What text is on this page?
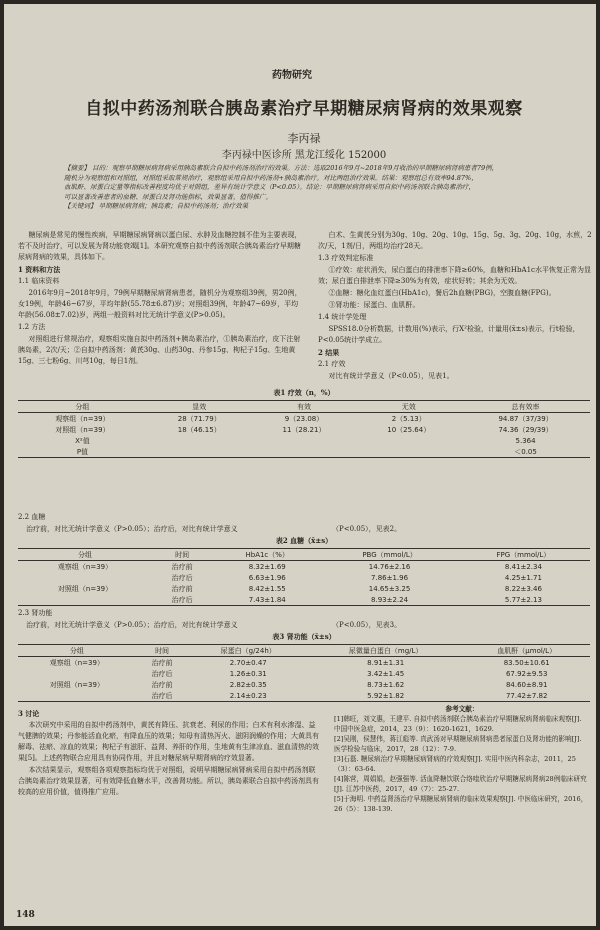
药物研究
自拟中药汤剂联合胰岛素治疗早期糖尿病肾病的效果观察
李丙禄
李丙禄中医诊所 黑龙江绥化 152000
【摘要】 目的：观察早期糖尿病肾病采用胰岛素联合自拟中药汤剂治疗的效果。方法：选取2016年9月~2018年9月收治的早期糖尿病肾病患者79例，
随机分为观察组和对照组，对照组采取常规治疗，观察组采用自拟中药汤剂+胰岛素治疗。对比两组治疗效果。结果：观察组总有效率94.87%，
血肌酐、尿蛋白定量等指标改善程度均优于对照组，差异有统计学意义（P<0.05）。结论：早期糖尿病肾病采用自拟中药汤剂联合胰岛素治疗，
可以显著改善患者的血糖、尿蛋白及肾功能指标，效果显著，值得推广。
【关键词】 早期糖尿病肾病；胰岛素；自拟中药汤剂；治疗效果

糖尿病是常见的慢性疾病，早期糖尿病肾病以蛋白尿、水肿及血糖控制不佳为主要表现，若不及时治疗，可以发展为肾功能衰竭[1]。本研究观察自拟中药汤剂联合胰岛素治疗早期糖尿病肾病的效果，具体如下。

1 资料和方法

1.1 临床资料

2016年9月~2018年9月，79例早期糖尿病肾病患者，随机分为观察组39例，男20例，女19例，年龄46~67岁，平均年龄(55.78±6.87)岁；对照组39例，年龄47~69岁，平均年龄(56.08±7.02)岁，两组一般资料对比无统计学意义(P>0.05)。

1.2 方法

对照组进行常规治疗，观察组实施自拟中药汤剂+胰岛素治疗，①胰岛素治疗，皮下注射胰岛素，2次/天；②自拟中药汤剂：黄芪30g、山药30g、丹参15g、枸杞子15g、生地黄15g、三七粉6g、川芎10g，每日1剂。

白术、生黄芪分别为30g、10g、20g、10g、15g、5g、3g、20g、10g，水煎，2次/天，1剂/日，两组均治疗28天。

1.3 疗效判定标准

①疗效：症状消失，尿白蛋白的排泄率下降≥60%，血糖和HbA1c水平恢复正常为显效；尿白蛋白排泄率下降≥30%为有效，症状好转；其余为无效。

②血糖：糖化血红蛋白(HbA1c)，餐后2h血糖(PBG)，空腹血糖(FPG)。

③肾功能：尿蛋白、血肌酐。

1.4 统计学处理

SPSS18.0分析数据，计数用(%)表示，行X²检验，计量用(x̄±s)表示，行t检验，P<0.05统计学成立。

2 结果

2.1 疗效

对比有统计学意义（P<0.05），见表1。

表1 疗效（n，%）
分组	显效	有效	无效	总有效率
观察组（n=39）	28（71.79）	9（23.08）	2（5.13）	94.87（37/39）
对照组（n=39）	18（46.15）	11（28.21）	10（25.64）	74.36（29/39）
X²值				5.364
P值				＜0.05
2.2 血糖
治疗前，对比无统计学意义（P>0.05）；治疗后，对比有统计学意义	（P<0.05），见表2。
表2 血糖（x̄±s）
分组	时间	HbA1c（%）	PBG（mmol/L）	FPG（mmol/L）
观察组（n=39）	治疗前	8.32±1.69	14.76±2.16	8.41±2.34
	治疗后	6.63±1.96	7.86±1.96	4.25±1.71
对照组（n=39）	治疗前	8.42±1.55	14.65±3.25	8.22±3.46
	治疗后	7.43±1.84	8.93±2.24	5.77±2.13
2.3 肾功能
治疗前，对比无统计学意义（P>0.05）；治疗后，对比有统计学意义	（P<0.05），见表3。
表3 肾功能（x̄±s）
分组	时间	尿蛋白（g/24h）	尿微量白蛋白（mg/L）	血肌酐（μmol/L）
观察组（n=39）	治疗前	2.70±0.47	8.91±1.31	83.50±10.61
	治疗后	1.26±0.31	3.42±1.45	67.92±9.53
对照组（n=39）	治疗前	2.82±0.35	8.73±1.62	84.60±8.91
	治疗后	2.14±0.23	5.92±1.82	77.42±7.82

3 讨论

本次研究中采用的自拟中药汤剂中，黄芪有降压、抗衰老、利尿的作用；白术有利水渗湿、益气健脾的效果；丹参能活血化瘀，有降血压的效果；知母有清热泻火、滋阴润燥的作用；大黄具有解毒、祛瘀、凉血的效果；枸杞子有滋肝、益肾、养肝的作用，生地黄有生津凉血、滋血清热的效果[5]。上述药物联合应用具有协同作用，并且对糖尿病早期肾病的疗效显著。

本次结果显示，观察组各项观察指标均优于对照组，说明早期糖尿病肾病采用自拟中药汤剂联合胰岛素治疗效果显著，可有效降低血糖水平，改善肾功能。所以，胰岛素联合自拟中药汤剂具有较高的应用价值，值得推广应用。

参考文献：

[1]韩旺，刘文惠，王建平. 自拟中药汤剂联合胰岛素治疗早期糖尿病肾病临床观察[J]. 中国中医急症，2014，23（9）：1620-1621，1629.

[2]吴刚，侯慧伟，蒋江彪等. 真武汤对早期糖尿病肾病患者尿蛋白及肾功能的影响[J]. 医学检验与临床，2017，28（12）：7-9.

[3]石磊. 糖尿病治疗早期糖尿病肾病的疗效观察[J]. 实用中医内科杂志，2011，25（3）：63-64.

[4]陈营，周娟娟，赵强强等. 活血降糖饮联合络喹欣治疗早期糖尿病肾病28例临床研究[J]. 江苏中医药，2017，49（7）：25-27.

[5]于海明. 中药益肾汤治疗早期糖尿病肾病的临床效果观察[J]. 中医临床研究，2016，26（5）：138-139.

148
